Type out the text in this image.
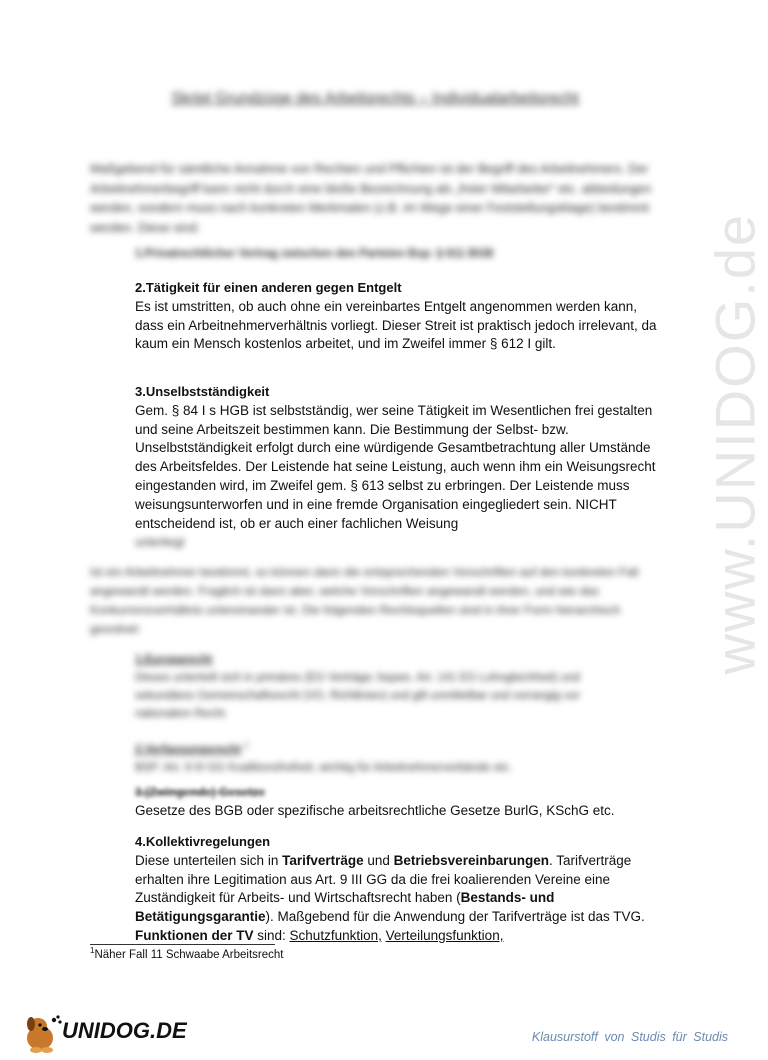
www.UNIDOG.de
Skript Grundzüge des Arbeitsrechts – Individualarbeitsrecht
Maßgebend für sämtliche Annahme von Rechten und Pflichten ist der Begriff des Arbeitnehmers. Der Arbeitnehmerbegriff kann nicht durch eine bloße Bezeichnung als „freier Mitarbeiter“ etc. abbedungen werden, sondern muss nach konkreten Merkmalen (z.B. im Wege einer Feststellungsklage) bestimmt werden. Diese sind:
1.Privatrechtlicher Vertrag zwischen den Parteien Bsp: § 611 BGB
2.Tätigkeit für einen anderen gegen Entgelt
Es ist umstritten, ob auch ohne ein vereinbartes Entgelt angenommen werden kann, dass ein Arbeitnehmerverhältnis vorliegt. Dieser Streit ist praktisch jedoch irrelevant, da kaum ein Mensch kostenlos arbeitet, und im Zweifel immer § 612 I gilt.
3.Unselbstständigkeit
Gem. § 84 I s HGB ist selbstständig, wer seine Tätigkeit im Wesentlichen frei gestalten und seine Arbeitszeit bestimmen kann. Die Bestimmung der Selbst- bzw. Unselbstständigkeit erfolgt durch eine würdigende Gesamtbetrachtung aller Umstände des Arbeitsfeldes. Der Leistende hat seine Leistung, auch wenn ihm ein Weisungsrecht eingestanden wird, im Zweifel gem. § 613 selbst zu erbringen. Der Leistende muss weisungsunterworfen und in eine fremde Organisation eingegliedert sein. NICHT entscheidend ist, ob er auch einer fachlichen Weisung
unterliegt
Ist ein Arbeitnehmer bestimmt, so können dann die entsprechenden Vorschriften auf den konkreten Fall angewandt werden. Fraglich ist dann aber, welche Vorschriften angewandt werden, und wie das Konkurrenzverhältnis untereinander ist. Die folgenden Rechtsquellen sind in ihrer Form hierarchisch geordnet:
1.Europarecht
Dieses unterteilt sich in primäres (EG Verträge; bspws. Art. 141 EG Lohngleichheit) und sekundäres Gemeinschaftsrecht (VO, Richtlinien) und gilt unmittelbar und vorrangig vor nationalem Recht.
2.Verfassungsrecht $^1$
BSP: Art. 9 III GG Koalitionsfreiheit, wichtig für Arbeitnehmerverbände etc.
3.(Zwingende) Gesetze
Gesetze des BGB oder spezifische arbeitsrechtliche Gesetze BurlG, KSchG etc.
4.Kollektivregelungen
Diese unterteilen sich in Tarifverträge und Betriebsvereinbarungen. Tarifverträge erhalten ihre Legitimation aus Art. 9 III GG da die frei koalierenden Vereine eine Zuständigkeit für Arbeits- und Wirtschaftsrecht haben (Bestands- und Betätigungsgarantie). Maßgebend für die Anwendung der Tarifverträge ist das TVG. Funktionen der TV sind: Schutzfunktion, Verteilungsfunktion,
$^1$Näher Fall 11 Schwaabe Arbeitsrecht
UNIDOG.DE	Klausurstoff von Studis für Studis
